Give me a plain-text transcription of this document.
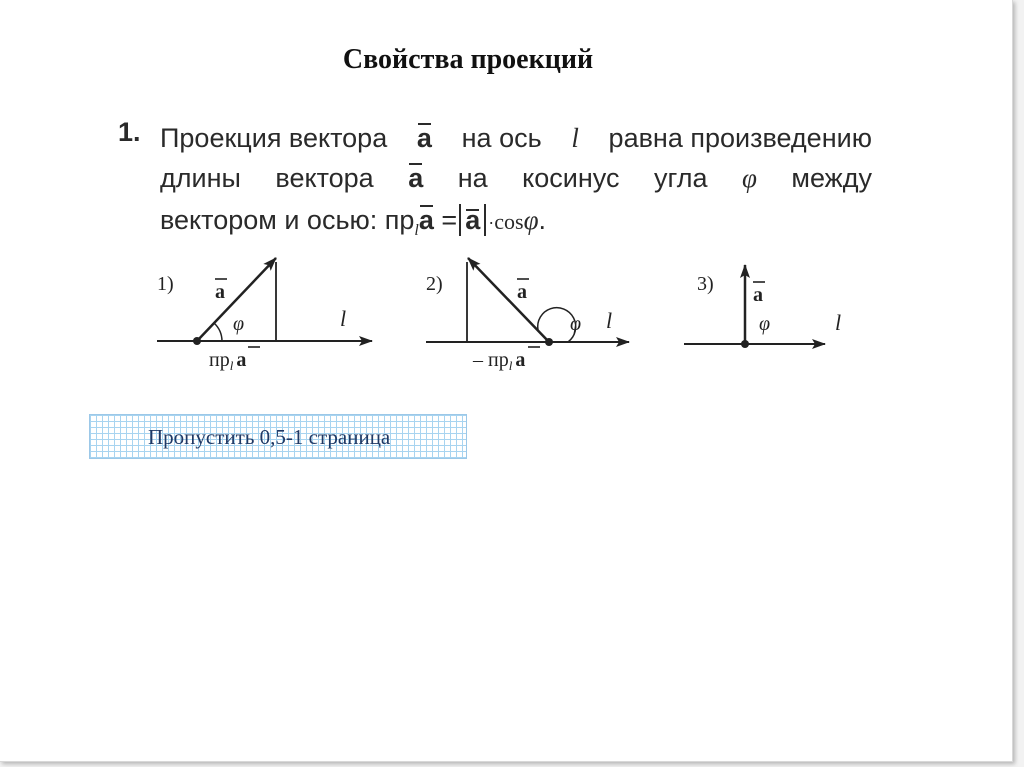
Свойства проекций
1. Проекция вектора a на ось l равна произведению
длины вектора a на косинус угла φ между
вектором и осью: $пр_la = a \cdot\cos\varphi$.
1) a
φ	l
$пр_l$ a
2)	a
φ l
– $пр_l$ a
3) a
φ	l
Пропустить 0,5-1 страница
